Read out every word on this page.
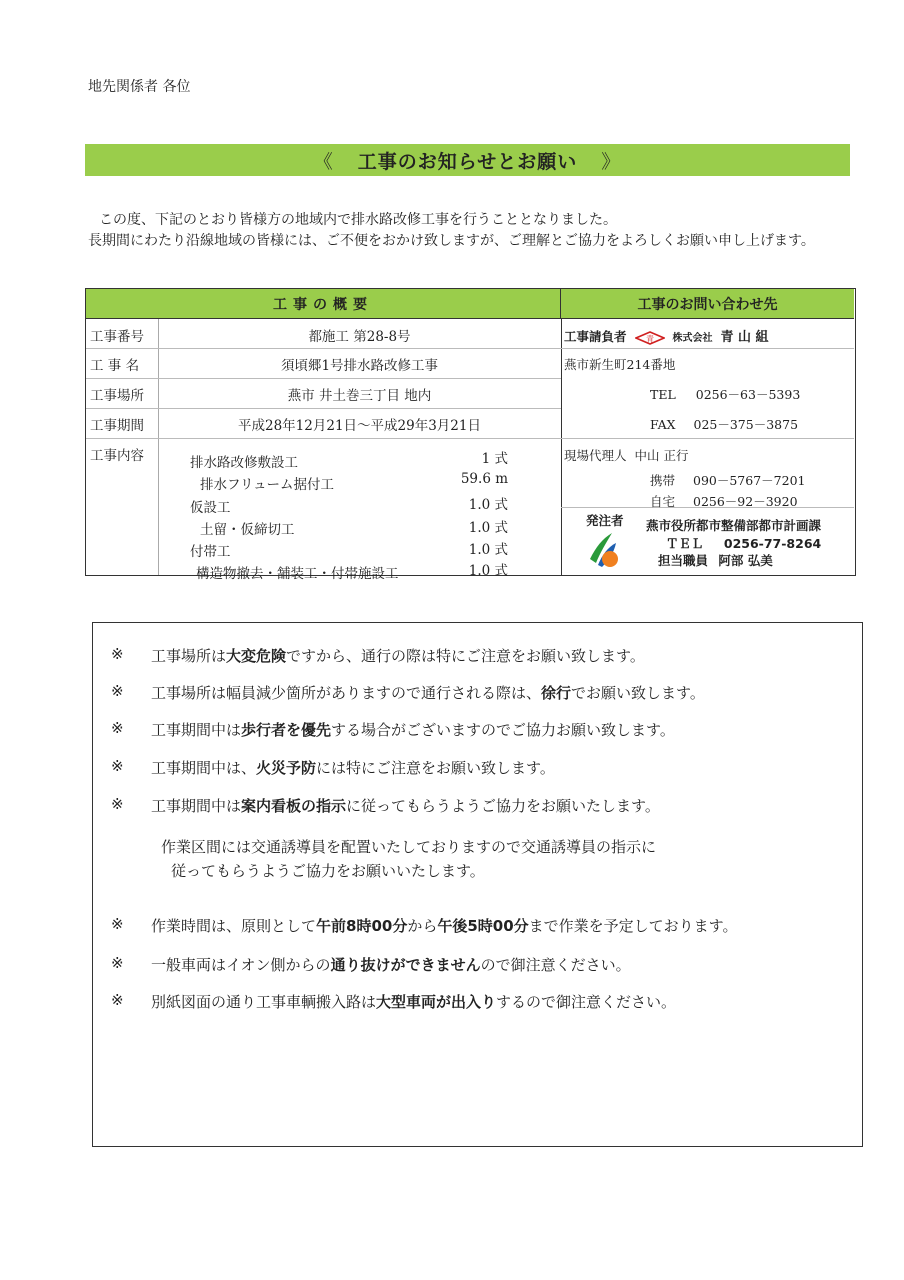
地先関係者 各位
《 工事のお知らせとお願い 》

この度、下記のとおり皆様方の地域内で排水路改修工事を行うこととなりました。

長期間にわたり沿線地域の皆様には、ご不便をおかけ致しますが、ご理解とご協力をよろしくお願い申し上げます。

工事の概要	工事のお問い合わせ先
工事番号	都施工 第28-8号
工 事 名	須頃郷1号排水路改修工事
工事場所	燕市 井土巻三丁目 地内
工事期間	平成28年12月21日～平成29年3月21日
工事内容	排水路改修敷設工	1 式
排水フリューム据付工	59.6 m
仮設工	1.0 式
土留・仮締切工	1.0 式
付帯工	1.0 式
構造物撤去・舗装工・付帯施設工	1.0 式
工事請負者 青 株式会社 青 山 組
燕市新生町214番地
TEL 0256－63－5393
FAX 025－375－3875
現場代理人 中山 正行
携帯 090－5767－7201
自宅 0256－92－3920
発注者	燕市役所都市整備部都市計画課
ＴＥＬ 0256-77-8264
担当職員 阿部 弘美
※ 工事場所は大変危険ですから、通行の際は特にご注意をお願い致します。
※ 工事場所は幅員減少箇所がありますので通行される際は、徐行でお願い致します。
※ 工事期間中は歩行者を優先する場合がございますのでご協力お願い致します。
※ 工事期間中は、火災予防には特にご注意をお願い致します。
※ 工事期間中は案内看板の指示に従ってもらうようご協力をお願いたします。
作業区間には交通誘導員を配置いたしておりますので交通誘導員の指示に
従ってもらうようご協力をお願いいたします。
※ 作業時間は、原則として午前8時00分から午後5時00分まで作業を予定しております。
※ 一般車両はイオン側からの通り抜けができませんので御注意ください。
※ 別紙図面の通り工事車輌搬入路は大型車両が出入りするので御注意ください。
